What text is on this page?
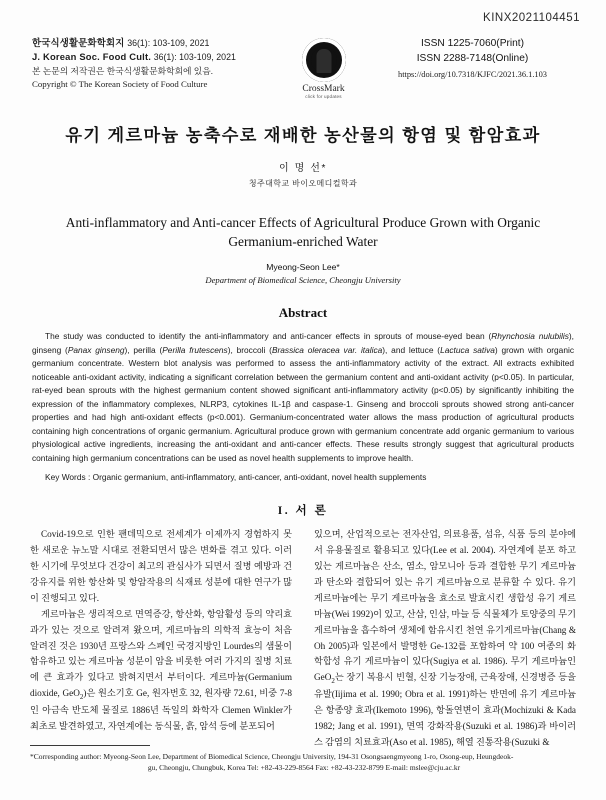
KINX2021104451
한국식생활문화학회지 36(1): 103-109, 2021
J. Korean Soc. Food Cult. 36(1): 103-109, 2021
본 논문의 저작권은 한국식생활문화학회에 있음.
Copyright © The Korean Society of Food Culture	CrossMark
click for updates
ISSN 1225-7060(Print)
ISSN 2288-7148(Online)
https://doi.org/10.7318/KJFC/2021.36.1.103
유기 게르마늄 농축수로 재배한 농산물의 항염 및 함암효과
이 명 선*
청주대학교 바이오메디컬학과
Anti-inflammatory and Anti-cancer Effects of Agricultural Produce Grown with Organic Germanium-enriched Water
Myeong-Seon Lee*
Department of Biomedical Science, Cheongju University
Abstract
The study was conducted to identify the anti-inflammatory and anti-cancer effects in sprouts of mouse-eyed bean (Rhynchosia nulubilis), ginseng (Panax ginseng), perilla (Perilla frutescens), broccoli (Brassica oleracea var. italica), and lettuce (Lactuca sativa) grown with organic germanium concentrate. Western blot analysis was performed to assess the anti-inflammatory activity of the extract. All extracts exhibited noticeable anti-oxidant activity, indicating a significant correlation between the germanium content and anti-oxidant activity (p<0.05). In particular, rat-eyed bean sprouts with the highest germanium content showed significant anti-inflammatory activity (p<0.05) by significantly inhibiting the expression of the inflammatory complexes, NLRP3, cytokines IL-1β and caspase-1. Ginseng and broccoli sprouts showed strong anti-cancer properties and had high anti-oxidant effects (p<0.001). Germanium-concentrated water allows the mass production of agricultural products containing high concentrations of organic germanium. Agricultural produce grown with germanium concentrate add organic germanium to various physiological active ingredients, increasing the anti-oxidant and anti-cancer effects. These results strongly suggest that agricultural products containing high germanium concentrations can be used as novel health supplements to improve health.
Key Words : Organic germanium, anti-inflammatory, anti-cancer, anti-oxidant, novel health supplements
I. 서 론

Covid-19으로 인한 팬데믹으로 전세계가 이제까지 경험하지 못한 새로운 뉴노말 시대로 전환되면서 많은 변화를 겪고 있다. 이러한 시기에 무엇보다 건강이 최고의 관심사가 되면서 질병 예방과 건강유지를 위한 항산화 및 항암작용의 식재료 성분에 대한 연구가 많이 진행되고 있다.

게르마늄은 생리적으로 면역증강, 항산화, 항암활성 등의 약리효과가 있는 것으로 알려져 왔으며, 게르마늄의 의학적 효능이 처음 알려진 것은 1930년 프랑스와 스페인 국경지방인 Lourdes의 샘물이 함유하고 있는 게르마늄 성분이 암을 비롯한 여러 가지의 질병 치료에 큰 효과가 있다고 밝혀지면서 부터이다. 게르마늄(Germanium dioxide, GeO$_2$)은 원소기호 Ge, 원자번호 32, 원자량 72.61, 비중 7-8인 아금속 반도체 물질로 1886년 독일의 화학자 Clemen Winkler가 최초로 발견하였고, 자연계에는 동식물, 흙, 암석 등에 분포되어

있으며, 산업적으로는 전자산업, 의료용품, 섬유, 식품 등의 분야에서 유용물질로 활용되고 있다(Lee et al. 2004). 자연계에 분포 하고 있는 게르마늄은 산소, 염소, 암모니아 등과 결합한 무기 게르마늄과 탄소와 결합되어 있는 유기 게르마늄으로 분류할 수 있다. 유기 게르마늄에는 무기 게르마늄을 효소로 발효시킨 생합성 유기 게르마늄(Wei 1992)이 있고, 산삼, 인삼, 마늘 등 식물체가 토양중의 무기 게르마늄을 흡수하여 생체에 함유시킨 천연 유기게르마늄(Chang & Oh 2005)과 일본에서 발명한 Ge-132를 포함하여 약 100 여종의 화학합성 유기 게르마늄이 있다(Sugiya et al. 1986). 무기 게르마늄인 GeO$_2$는 장기 복용시 빈혈, 신장 기능장애, 근육장애, 신경병증 등을 유발(Iijima et al. 1990; Obra et al. 1991)하는 반면에 유기 게르마늄은 항종양 효과(Ikemoto 1996), 항돌연변이 효과(Mochizuki & Kada 1982; Jang et al. 1991), 면역 강화작용(Suzuki et al. 1986)과 바이러스 감염의 치료효과(Aso et al. 1985), 해열 진통작용(Suzuki &

*Corresponding author: Myeong-Seon Lee, Department of Biomedical Science, Cheongju University, 194-31 Osongsaengmyeong 1-ro, Osong-eup, Heungdeok-
gu, Cheongju, Chungbuk, Korea Tel: +82-43-229-8564 Fax: +82-43-232-8799 E-mail: mslee@cju.ac.kr
